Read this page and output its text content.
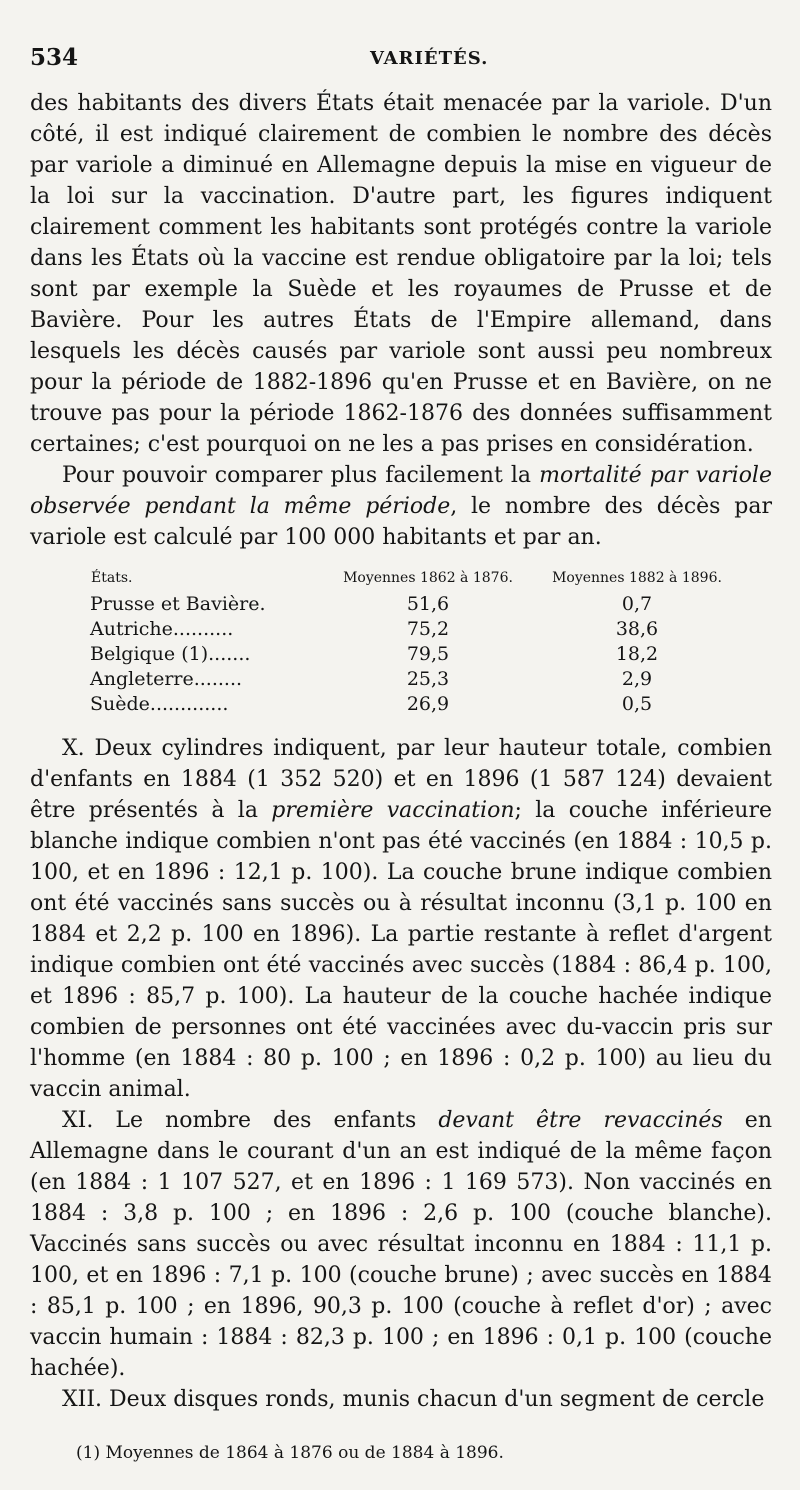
534	VARIÉTÉS.

des habitants des divers États était menacée par la variole. D'un côté, il est indiqué clairement de combien le nombre des décès par variole a diminué en Allemagne depuis la mise en vigueur de la loi sur la vaccination. D'autre part, les figures indiquent clairement comment les habitants sont protégés contre la variole dans les États où la vaccine est rendue obligatoire par la loi; tels sont par exemple la Suède et les royaumes de Prusse et de Bavière. Pour les autres États de l'Empire allemand, dans lesquels les décès causés par variole sont aussi peu nombreux pour la période de 1882-1896 qu'en Prusse et en Bavière, on ne trouve pas pour la période 1862-1876 des données suffisamment certaines; c'est pourquoi on ne les a pas prises en considération.

Pour pouvoir comparer plus facilement la mortalité par variole observée pendant la même période, le nombre des décès par variole est calculé par 100 000 habitants et par an.

États.	Moyennes 1862 à 1876.	Moyennes 1882 à 1896.
Prusse et Bavière.	51,6	0,7
Autriche..........	75,2	38,6
Belgique (1).......	79,5	18,2
Angleterre........	25,3	2,9
Suède.............	26,9	0,5

X. Deux cylindres indiquent, par leur hauteur totale, combien d'enfants en 1884 (1 352 520) et en 1896 (1 587 124) devaient être présentés à la première vaccination; la couche inférieure blanche indique combien n'ont pas été vaccinés (en 1884 : 10,5 p. 100, et en 1896 : 12,1 p. 100). La couche brune indique combien ont été vaccinés sans succès ou à résultat inconnu (3,1 p. 100 en 1884 et 2,2 p. 100 en 1896). La partie restante à reflet d'argent indique combien ont été vaccinés avec succès (1884 : 86,4 p. 100, et 1896 : 85,7 p. 100). La hauteur de la couche hachée indique combien de personnes ont été vaccinées avec du-vaccin pris sur l'homme (en 1884 : 80 p. 100 ; en 1896 : 0,2 p. 100) au lieu du vaccin animal.

XI. Le nombre des enfants devant être revaccinés en Allemagne dans le courant d'un an est indiqué de la même façon (en 1884 : 1 107 527, et en 1896 : 1 169 573). Non vaccinés en 1884 : 3,8 p. 100 ; en 1896 : 2,6 p. 100 (couche blanche). Vaccinés sans succès ou avec résultat inconnu en 1884 : 11,1 p. 100, et en 1896 : 7,1 p. 100 (couche brune) ; avec succès en 1884 : 85,1 p. 100 ; en 1896, 90,3 p. 100 (couche à reflet d'or) ; avec vaccin humain : 1884 : 82,3 p. 100 ; en 1896 : 0,1 p. 100 (couche hachée).

XII. Deux disques ronds, munis chacun d'un segment de cercle

(1) Moyennes de 1864 à 1876 ou de 1884 à 1896.
